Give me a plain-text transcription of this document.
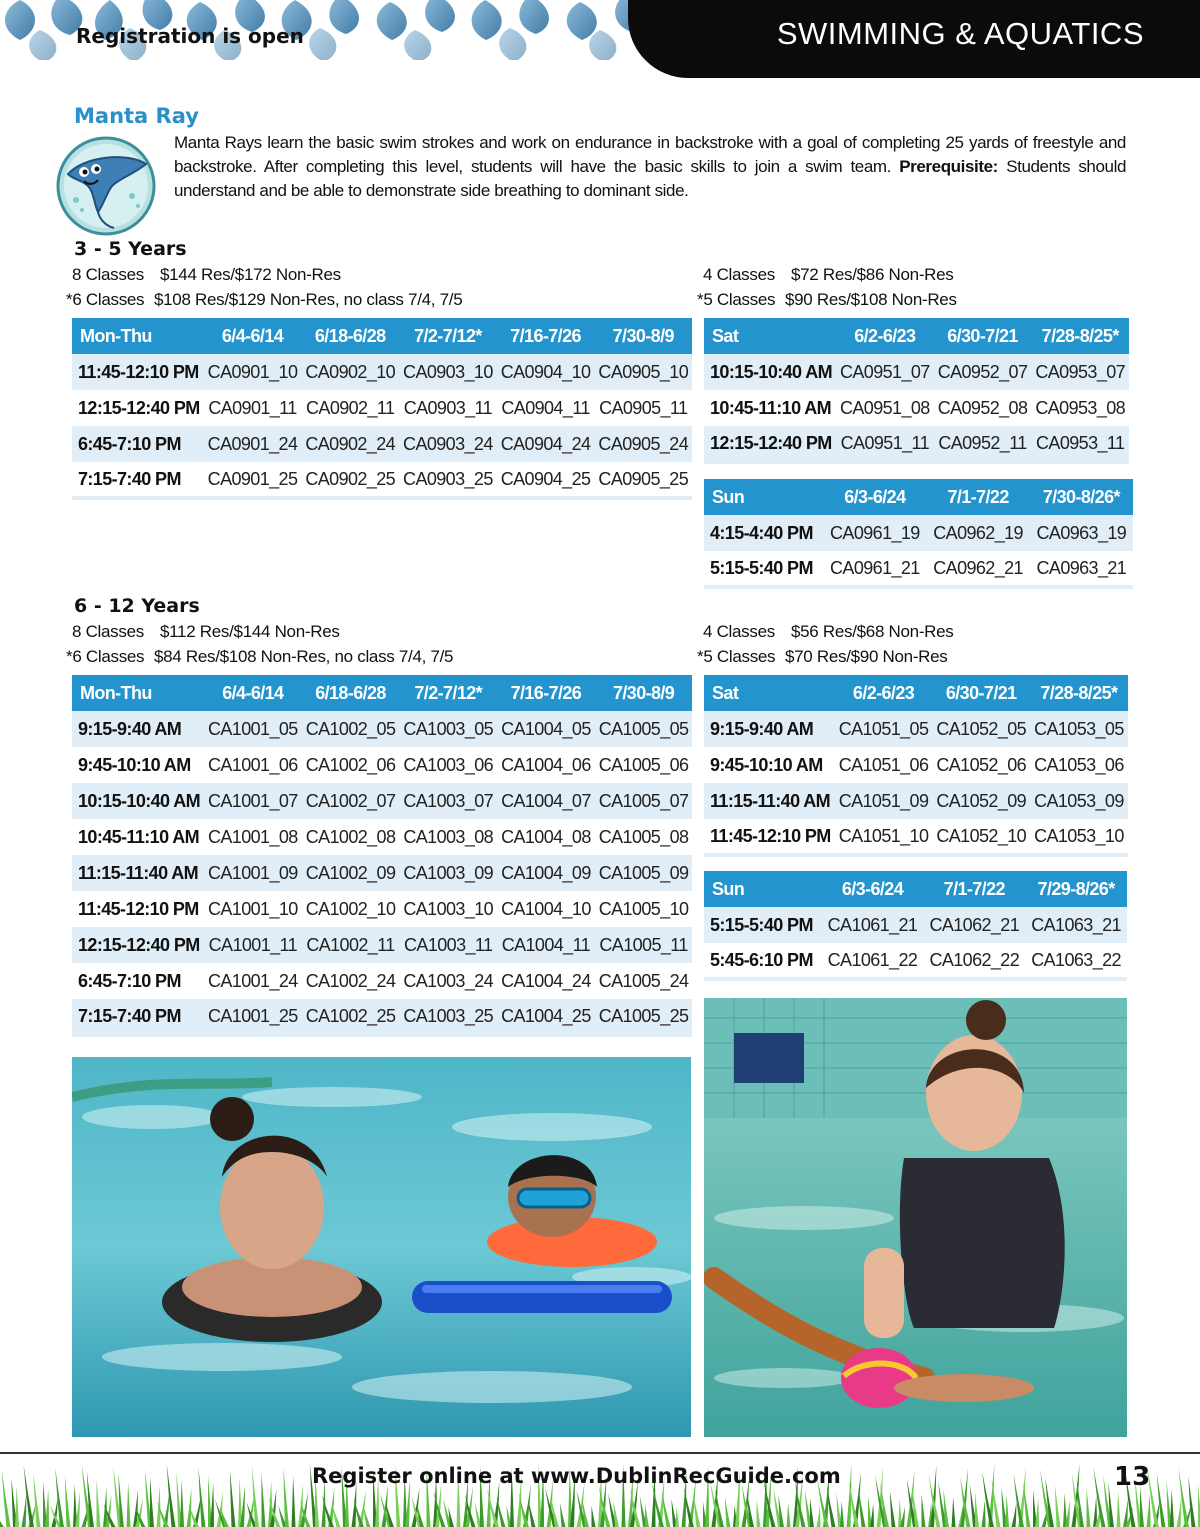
Registration is open	SWIMMING & AQUATICS
Manta Ray
Manta Rays learn the basic swim strokes and work on endurance in backstroke with a goal of completing 25 yards of freestyle and backstroke. After completing this level, students will have the basic skills to join a swim team. Prerequisite: Students should understand and be able to demonstrate side breathing to dominant side.
3 - 5 Years
8 Classes $144 Res/$172 Non-Res
*6 Classes $108 Res/$129 Non-Res, no class 7/4, 7/5
4 Classes $72 Res/$86 Non-Res
*5 Classes $90 Res/$108 Non-Res
Mon-Thu	6/4-6/14	6/18-6/28	7/2-7/12*	7/16-7/26	7/30-8/9
11:45-12:10 PM	CA0901_10	CA0902_10	CA0903_10	CA0904_10	CA0905_10
12:15-12:40 PM	CA0901_11	CA0902_11	CA0903_11	CA0904_11	CA0905_11
6:45-7:10 PM	CA0901_24	CA0902_24	CA0903_24	CA0904_24	CA0905_24
7:15-7:40 PM	CA0901_25	CA0902_25	CA0903_25	CA0904_25	CA0905_25
Sat	6/2-6/23	6/30-7/21	7/28-8/25*
10:15-10:40 AM	CA0951_07	CA0952_07	CA0953_07
10:45-11:10 AM	CA0951_08	CA0952_08	CA0953_08
12:15-12:40 PM	CA0951_11	CA0952_11	CA0953_11
Sun	6/3-6/24	7/1-7/22	7/30-8/26*
4:15-4:40 PM	CA0961_19	CA0962_19	CA0963_19
5:15-5:40 PM	CA0961_21	CA0962_21	CA0963_21
6 - 12 Years
8 Classes $112 Res/$144 Non-Res
*6 Classes $84 Res/$108 Non-Res, no class 7/4, 7/5
4 Classes $56 Res/$68 Non-Res
*5 Classes $70 Res/$90 Non-Res
Mon-Thu	6/4-6/14	6/18-6/28	7/2-7/12*	7/16-7/26	7/30-8/9
9:15-9:40 AM	CA1001_05	CA1002_05	CA1003_05	CA1004_05	CA1005_05
9:45-10:10 AM	CA1001_06	CA1002_06	CA1003_06	CA1004_06	CA1005_06
10:15-10:40 AM	CA1001_07	CA1002_07	CA1003_07	CA1004_07	CA1005_07
10:45-11:10 AM	CA1001_08	CA1002_08	CA1003_08	CA1004_08	CA1005_08
11:15-11:40 AM	CA1001_09	CA1002_09	CA1003_09	CA1004_09	CA1005_09
11:45-12:10 PM	CA1001_10	CA1002_10	CA1003_10	CA1004_10	CA1005_10
12:15-12:40 PM	CA1001_11	CA1002_11	CA1003_11	CA1004_11	CA1005_11
6:45-7:10 PM	CA1001_24	CA1002_24	CA1003_24	CA1004_24	CA1005_24
7:15-7:40 PM	CA1001_25	CA1002_25	CA1003_25	CA1004_25	CA1005_25
Sat	6/2-6/23	6/30-7/21	7/28-8/25*
9:15-9:40 AM	CA1051_05	CA1052_05	CA1053_05
9:45-10:10 AM	CA1051_06	CA1052_06	CA1053_06
11:15-11:40 AM	CA1051_09	CA1052_09	CA1053_09
11:45-12:10 PM	CA1051_10	CA1052_10	CA1053_10
Sun	6/3-6/24	7/1-7/22	7/29-8/26*
5:15-5:40 PM	CA1061_21	CA1062_21	CA1063_21
5:45-6:10 PM	CA1061_22	CA1062_22	CA1063_22
Register online at www.DublinRecGuide.com	13
